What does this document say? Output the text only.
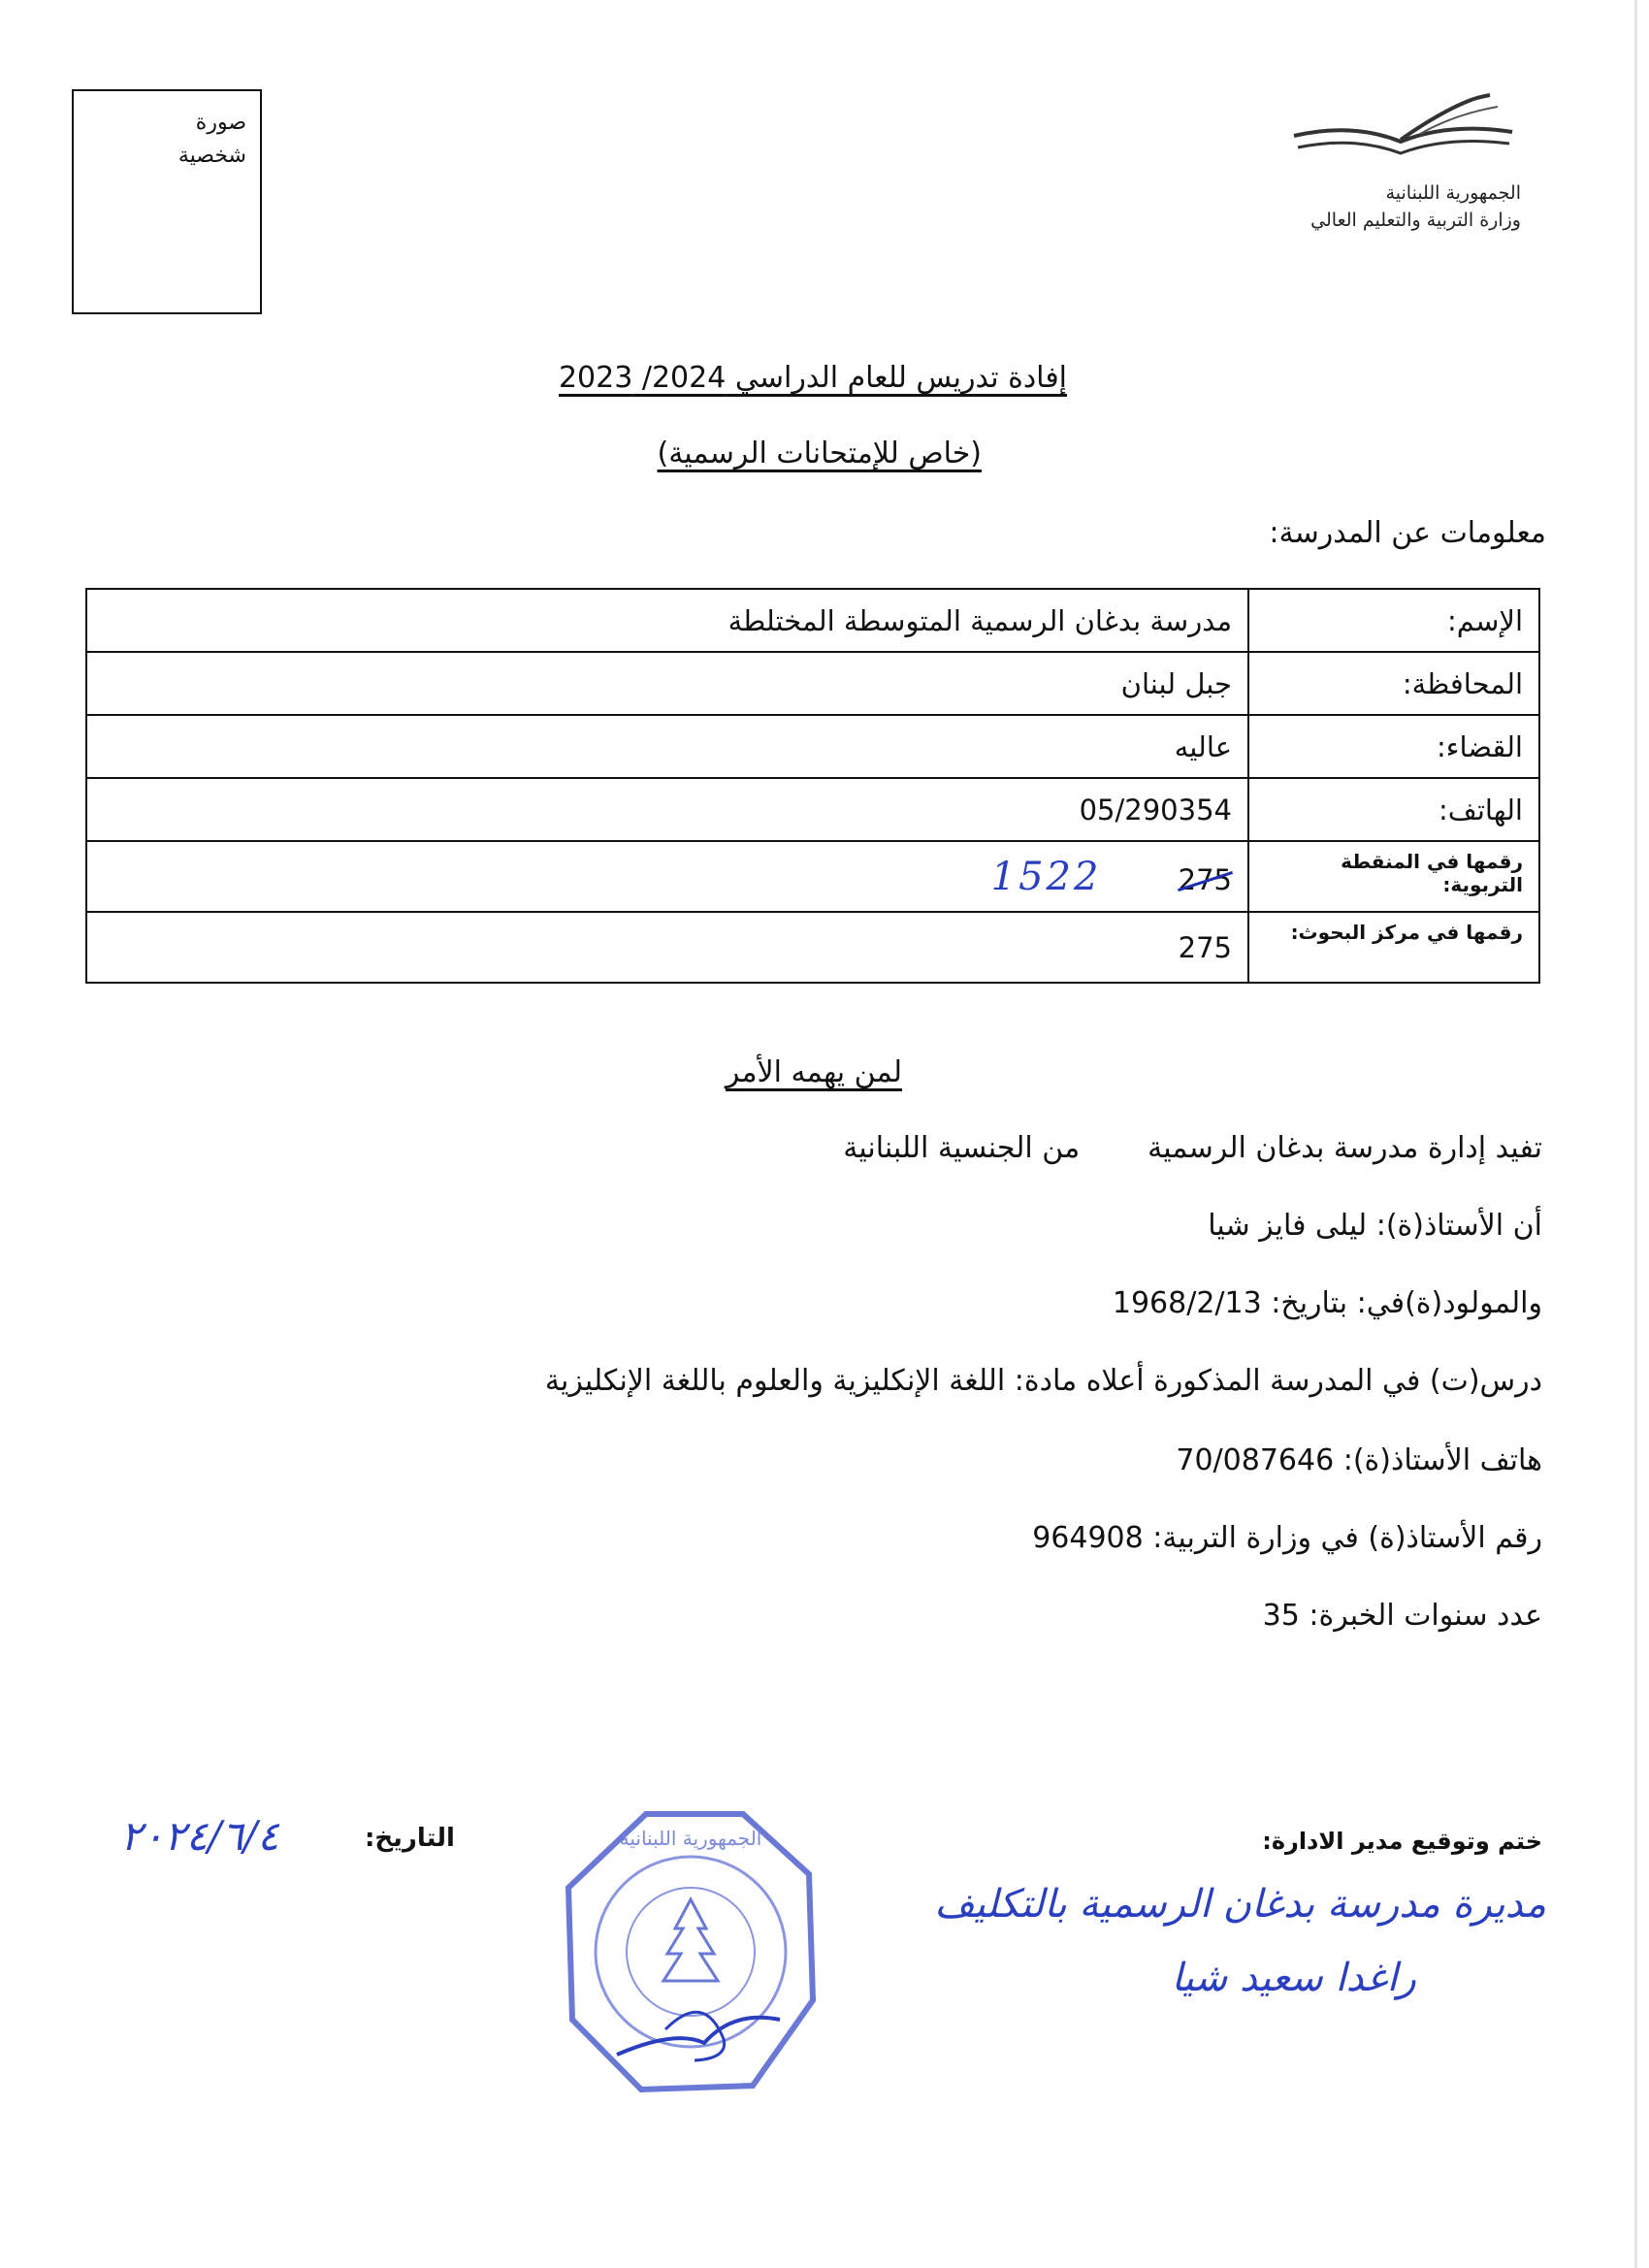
صورة
شخصية
الجمهورية اللبنانية
وزارة التربية والتعليم العالي
إفادة تدريس للعام الدراسي 2024/ 2023
(خاص للإمتحانات الرسمية)
معلومات عن المدرسة:
الإسم:	مدرسة بدغان الرسمية المتوسطة المختلطة
المحافظة:	جبل لبنان
القضاء:	عاليه
الهاتف:	05/290354
رقمها في المنقطة التربوية:	275 1522
رقمها في مركز البحوث:	275
لمن يهمه الأمر
تفيد إدارة مدرسة بدغان الرسميةمن الجنسية اللبنانية
أن الأستاذ(ة): ليلى فايز شيا
والمولود(ة)في: بتاريخ: 1968/2/13
درس(ت) في المدرسة المذكورة أعلاه مادة: اللغة الإنكليزية والعلوم باللغة الإنكليزية
هاتف الأستاذ(ة): 70/087646
رقم الأستاذ(ة) في وزارة التربية: 964908
عدد سنوات الخبرة: 35
ختم وتوقيع مدير الادارة:
التاريخ:
٢٠٢٤/٦/٤
مديرة مدرسة بدغان الرسمية بالتكليف
راغدا سعيد شيا
الجمهورية اللبنانية
